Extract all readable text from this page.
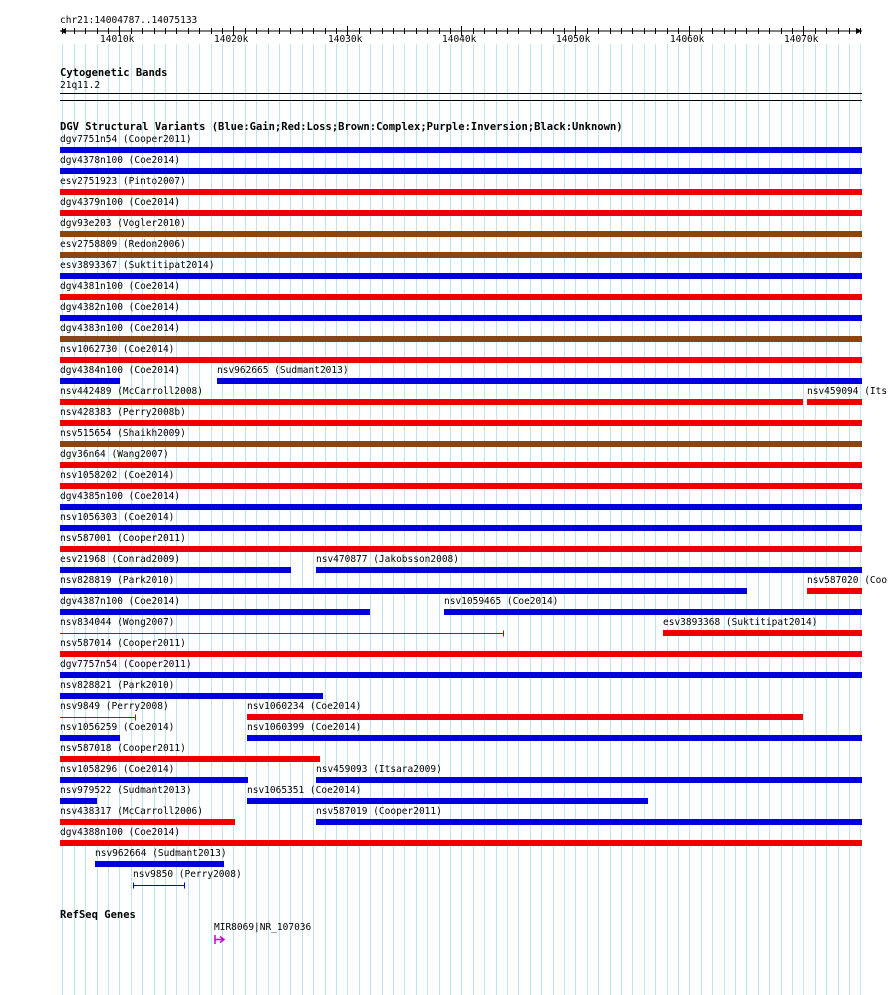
chr21:14004787..14075133
14010k	14020k	14030k	14040k	14050k	14060k	14070k
Cytogenetic Bands
21q11.2
DGV Structural Variants (Blue:Gain;Red:Loss;Brown:Complex;Purple:Inversion;Black:Unknown)
dgv7751n54 (Cooper2011)
dgv4378n100 (Coe2014)
esv2751923 (Pinto2007)
dgv4379n100 (Coe2014)
dgv93e203 (Vogler2010)
esv2758809 (Redon2006)
esv3893367 (Suktitipat2014)
dgv4381n100 (Coe2014)
dgv4382n100 (Coe2014)
dgv4383n100 (Coe2014)
nsv1062730 (Coe2014)
dgv4384n100 (Coe2014)	nsv962665 (Sudmant2013)
nsv442489 (McCarroll2008)	nsv459094 (Its
nsv428383 (Perry2008b)
nsv515654 (Shaikh2009)
dgv36n64 (Wang2007)
nsv1058202 (Coe2014)
dgv4385n100 (Coe2014)
nsv1056303 (Coe2014)
nsv587001 (Cooper2011)
esv21968 (Conrad2009)	nsv470877 (Jakobsson2008)
nsv828819 (Park2010)	nsv587020 (Coo
dgv4387n100 (Coe2014)	nsv1059465 (Coe2014)
nsv834044 (Wong2007)	esv3893368 (Suktitipat2014)
nsv587014 (Cooper2011)
dgv7757n54 (Cooper2011)
nsv828821 (Park2010)
nsv9849 (Perry2008)	nsv1060234 (Coe2014)
nsv1056259 (Coe2014)	nsv1060399 (Coe2014)
nsv587018 (Cooper2011)
nsv1058296 (Coe2014)	nsv459093 (Itsara2009)
nsv979522 (Sudmant2013)	nsv1065351 (Coe2014)
nsv438317 (McCarroll2006)	nsv587019 (Cooper2011)
dgv4388n100 (Coe2014)
nsv962664 (Sudmant2013)
nsv9850 (Perry2008)
RefSeq Genes
MIR8069|NR_107036
